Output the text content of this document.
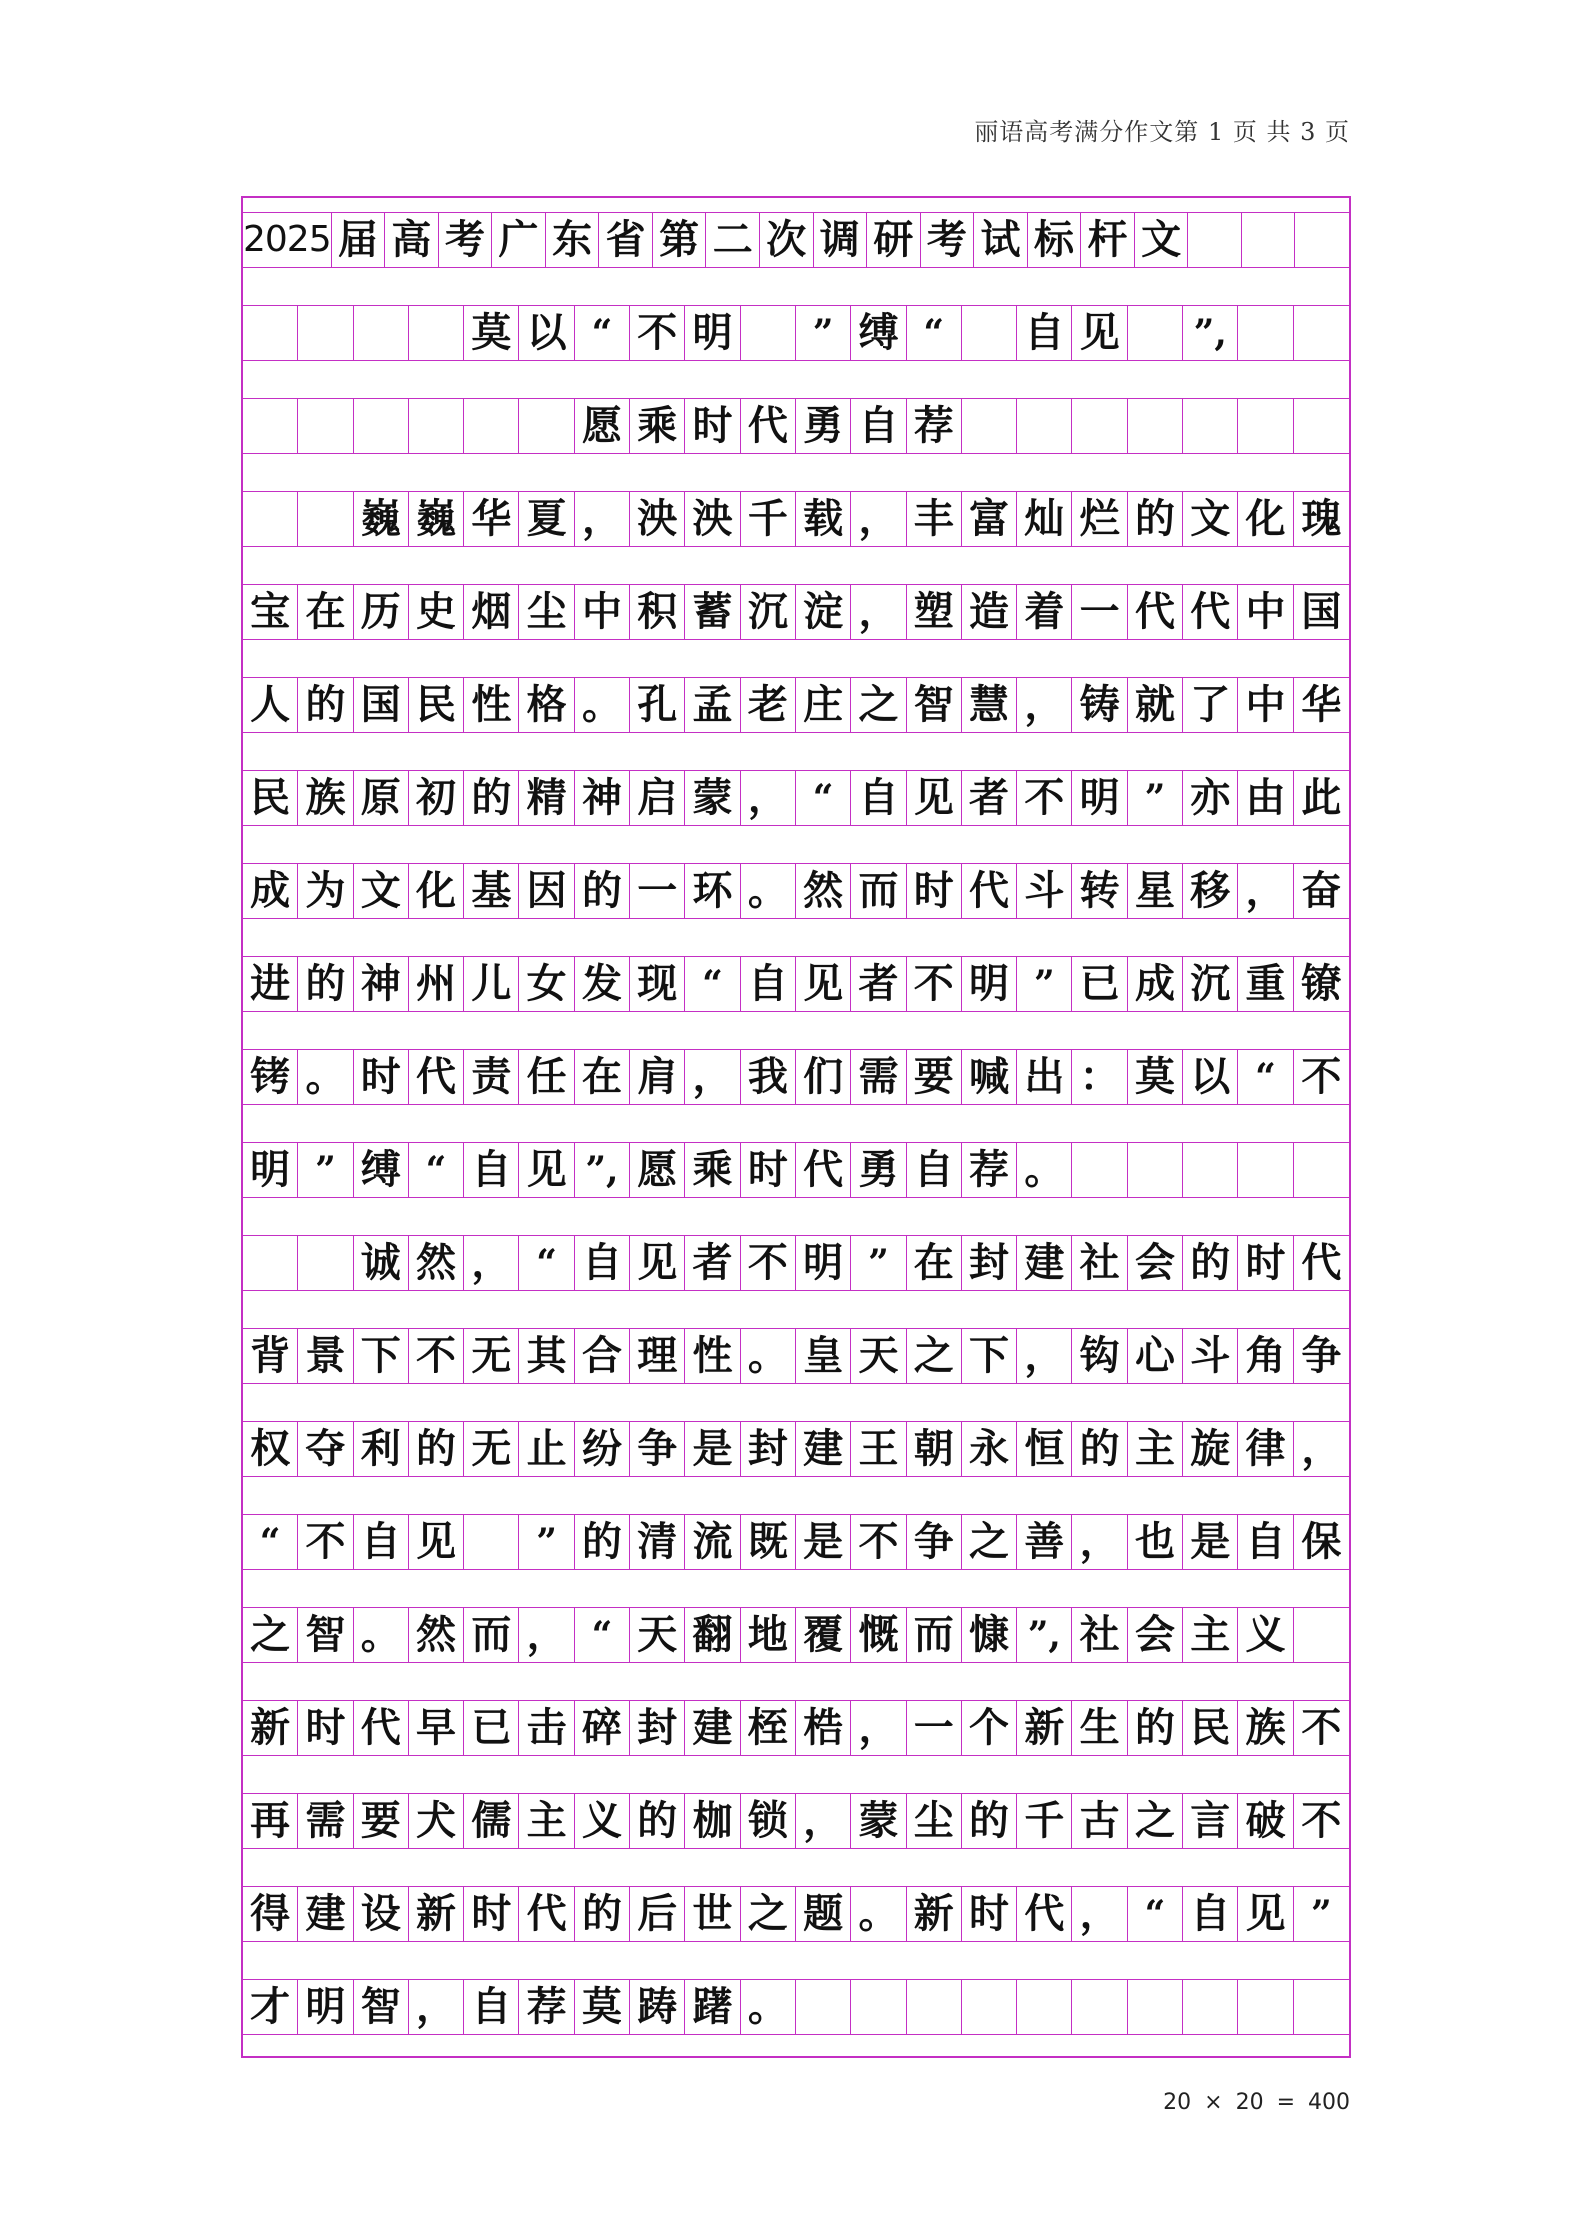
丽语高考满分作文第 1 页 共 3 页
2025 届 高 考 广 东 省 第 二 次 调 研 考 试 标 杆 文
莫 以 “ 不 明	” 缚 “	自 见 ”,
愿 乘 时 代 勇 自 荐
巍 巍 华 夏 ， 泱 泱 千 载 ， 丰 富 灿 烂 的 文 化 瑰
宝 在 历 史 烟 尘 中 积 蓄 沉 淀 ， 塑 造 着 一 代 代 中 国
人 的 国 民 性 格 。 孔 孟 老 庄 之 智 慧 ， 铸 就 了 中 华
民 族 原 初 的 精 神 启 蒙 ， “ 自 见 者 不 明 ” 亦 由 此
成 为 文 化 基 因 的 一 环 。 然 而 时 代 斗 转 星 移 ， 奋
进 的 神 州 儿 女 发 现 “ 自 见 者 不 明 ” 已 成 沉 重 镣
铐 。 时 代 责 任 在 肩 ， 我 们 需 要 喊 出 ： 莫 以 “ 不
明 ” 缚 “ 自 见 ”, 愿 乘 时 代 勇 自 荐 。
诚 然 ， “ 自 见 者 不 明 ” 在 封 建 社 会 的 时 代
背 景 下 不 无 其 合 理 性 。 皇 天 之 下 ， 钩 心 斗 角 争
权 夺 利 的 无 止 纷 争 是 封 建 王 朝 永 恒 的 主 旋 律 ，
“ 不 自 见	” 的 清 流 既 是 不 争 之 善 ， 也 是 自 保
之 智 。 然 而 ， “ 天 翻 地 覆 慨 而 慷 ”, 社 会 主 义
新 时 代 早 已 击 碎 封 建 桎 梏 ， 一 个 新 生 的 民 族 不
再 需 要 犬 儒 主 义 的 枷 锁 ， 蒙 尘 的 千 古 之 言 破 不
得 建 设 新 时 代 的 后 世 之 题 。 新 时 代 ， “ 自 见 ”
才 明 智 ， 自 荐 莫 踌 躇 。
20 × 20 = 400
